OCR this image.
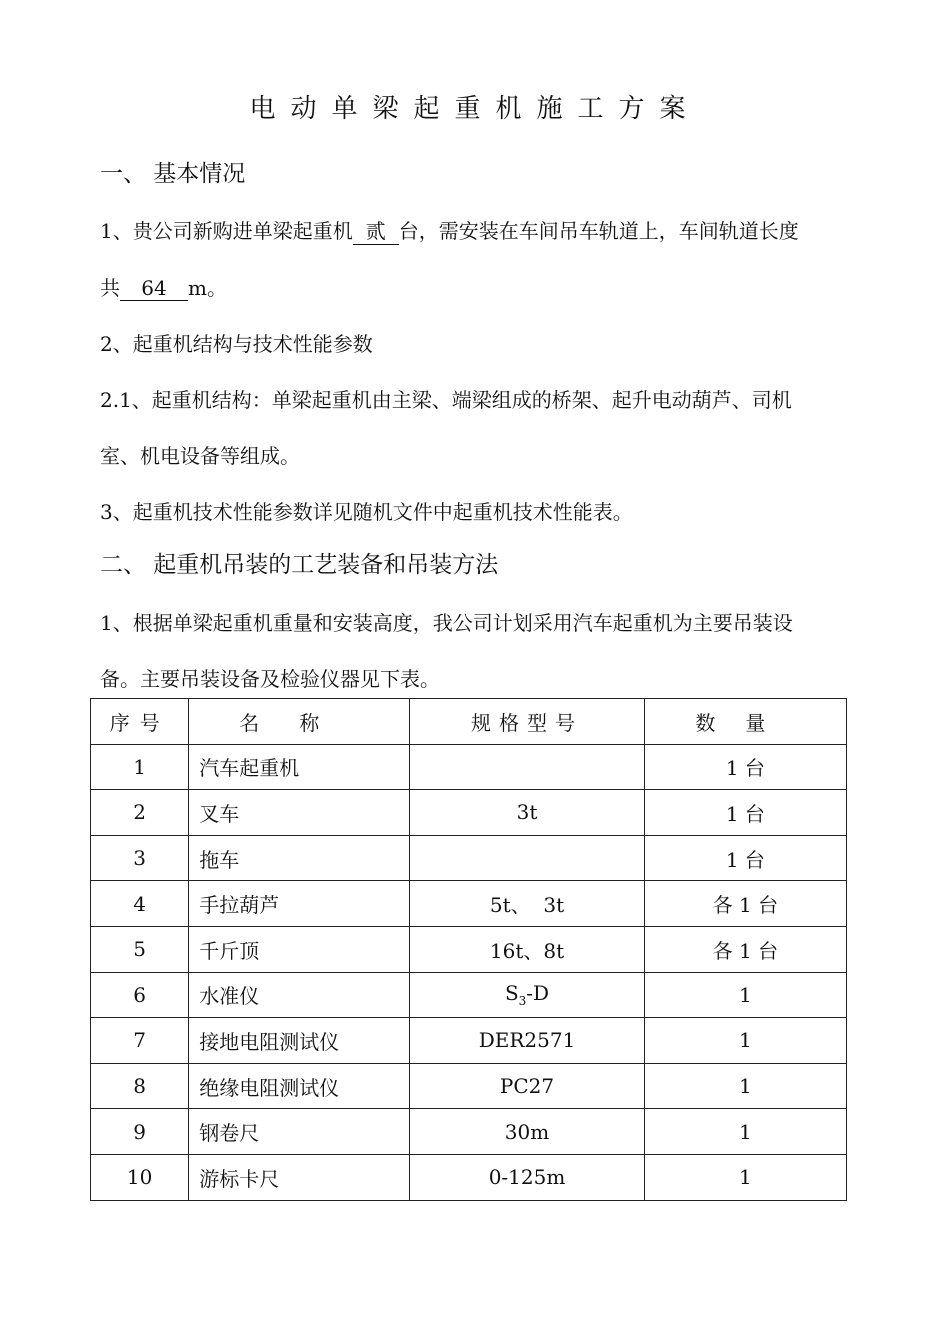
电动单梁起重机施工方案
一、 基本情况
1、贵公司新购进单梁起重机 贰 台，需安装在车间吊车轨道上，车间轨道长度
共 64 m。
2、起重机结构与技术性能参数
2.1、起重机结构：单梁起重机由主梁、端梁组成的桥架、起升电动葫芦、司机
室、机电设备等组成。
3、起重机技术性能参数详见随机文件中起重机技术性能表。
二、 起重机吊装的工艺装备和吊装方法
1、根据单梁起重机重量和安装高度，我公司计划采用汽车起重机为主要吊装设
备。主要吊装设备及检验仪器见下表。
序号	名称	规格型号	数量
1	汽车起重机		1 台
2	叉车	3t	1 台
3	拖车		1 台
4	手拉葫芦	5t、  3t	各 1 台
5	千斤顶	16t、8t	各 1 台
6	水准仪	$S_3-D$	1
7	接地电阻测试仪	DER2571	1
8	绝缘电阻测试仪	PC27	1
9	钢卷尺	30m	1
10	游标卡尺	0-125m	1
